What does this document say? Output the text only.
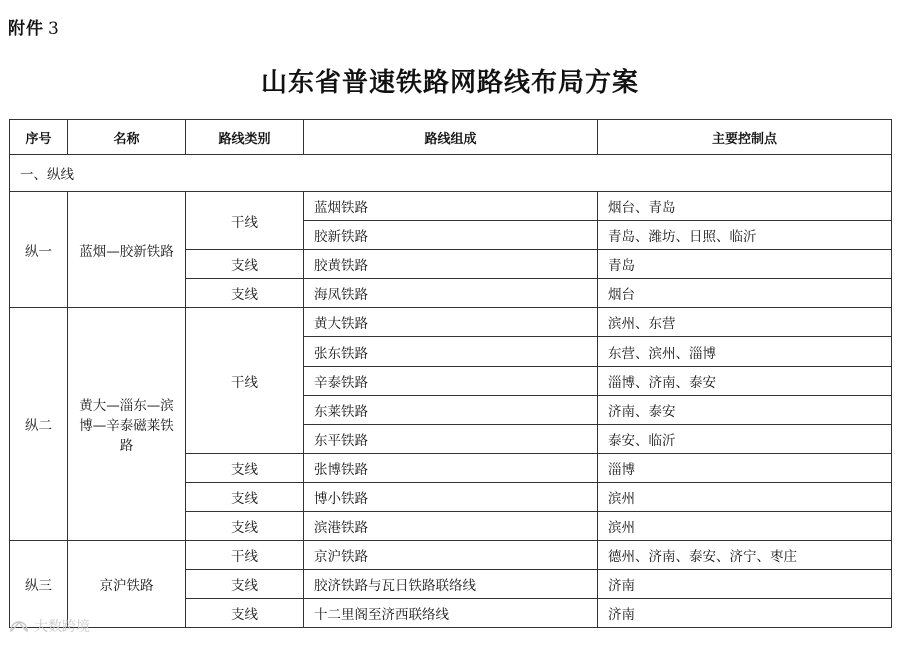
附件 3
山东省普速铁路网路线布局方案
序号	名称	路线类别	路线组成	主要控制点
一、纵线				
纵一	蓝烟—胶新铁路	干线	蓝烟铁路	烟台、青岛
			胶新铁路	青岛、潍坊、日照、临沂
		支线	胶黄铁路	青岛
		支线	海凤铁路	烟台
纵二	黄大—淄东—滨博—辛泰磁莱铁路	干线	黄大铁路	滨州、东营
			张东铁路	东营、滨州、淄博
			辛泰铁路	淄博、济南、泰安
			东莱铁路	济南、泰安
			东平铁路	泰安、临沂
		支线	张博铁路	淄博
		支线	博小铁路	滨州
		支线	滨港铁路	滨州
纵三	京沪铁路	干线	京沪铁路	德州、济南、泰安、济宁、枣庄
		支线	胶济铁路与瓦日铁路联络线	济南
		支线	十二里阁至济西联络线	济南
大数跨境
